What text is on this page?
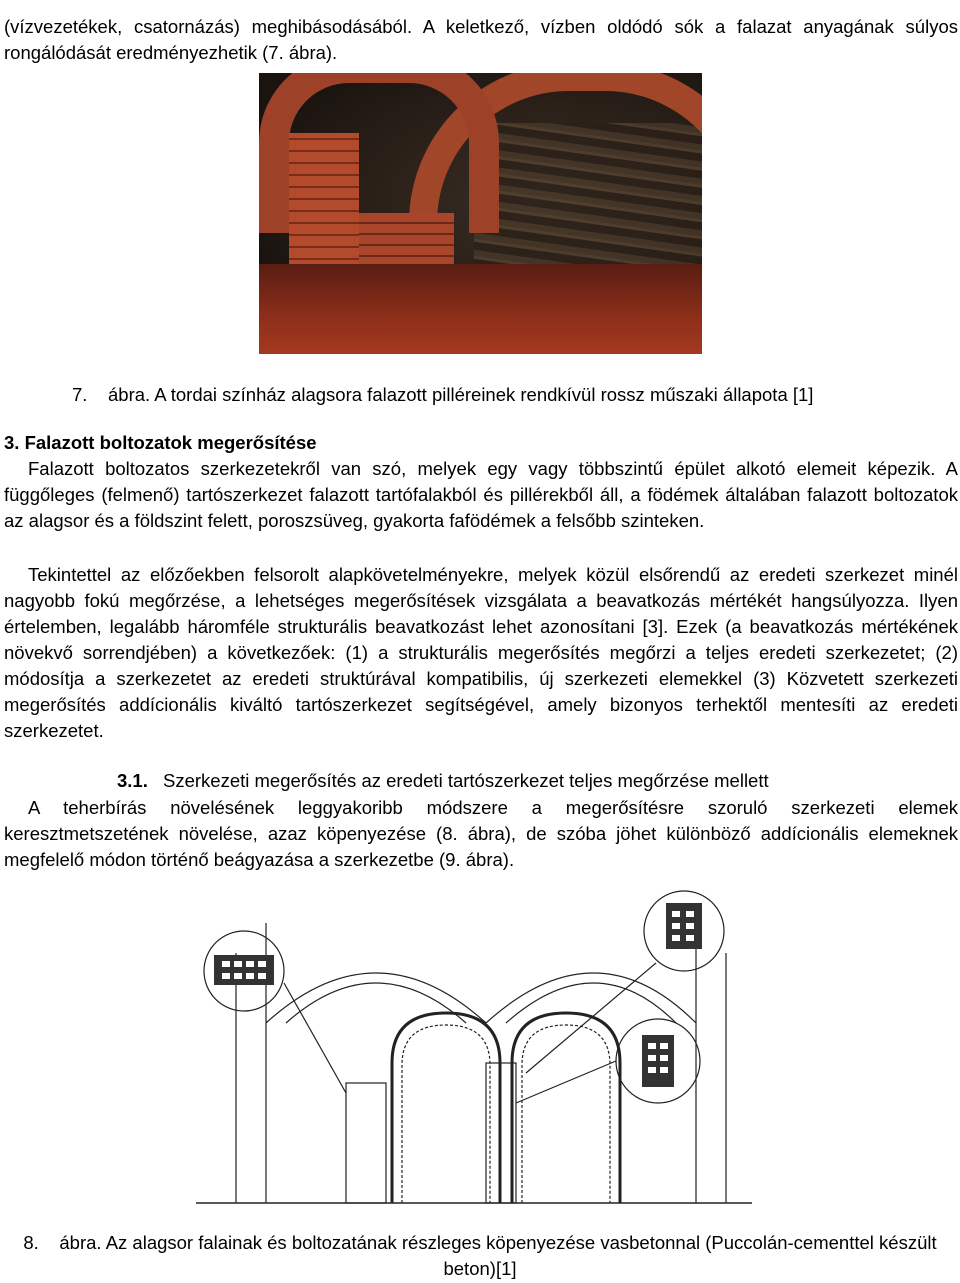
(vízvezetékek, csatornázás) meghibásodásából. A keletkező, vízben oldódó sók a falazat anyagának súlyos rongálódását eredményezhetik (7. ábra).

7. ábra. A tordai színház alagsora falazott pilléreinek rendkívül rossz műszaki állapota [1]
3. Falazott boltozatok megerősítése

Falazott boltozatos szerkezetekről van szó, melyek egy vagy többszintű épület alkotó elemeit képezik. A függőleges (felmenő) tartószerkezet falazott tartófalakból és pillérekből áll, a födémek általában falazott boltozatok az alagsor és a földszint felett, poroszsüveg, gyakorta fafödémek a felsőbb szinteken.

Tekintettel az előzőekben felsorolt alapkövetelményekre, melyek közül elsőrendű az eredeti szerkezet minél nagyobb fokú megőrzése, a lehetséges megerősítések vizsgálata a beavatkozás mértékét hangsúlyozza. Ilyen értelemben, legalább háromféle strukturális beavatkozást lehet azonosítani [3]. Ezek (a beavatkozás mértékének növekvő sorrendjében) a következőek: (1) a strukturális megerősítés megőrzi a teljes eredeti szerkezetet; (2) módosítja a szerkezetet az eredeti struktúrával kompatibilis, új szerkezeti elemekkel (3) Közvetett szerkezeti megerősítés addícionális kiváltó tartószerkezet segítségével, amely bizonyos terhektől mentesíti az eredeti szerkezetet.

3.1. Szerkezeti megerősítés az eredeti tartószerkezet teljes megőrzése mellett

A teherbírás növelésének leggyakoribb módszere a megerősítésre szoruló szerkezeti elemek keresztmetszetének növelése, azaz köpenyezése (8. ábra), de szóba jöhet különböző addícionális elemeknek megfelelő módon történő beágyazása a szerkezetbe (9. ábra).

8. ábra. Az alagsor falainak és boltozatának részleges köpenyezése vasbetonnal (Puccolán-cementtel készült beton)[1]
